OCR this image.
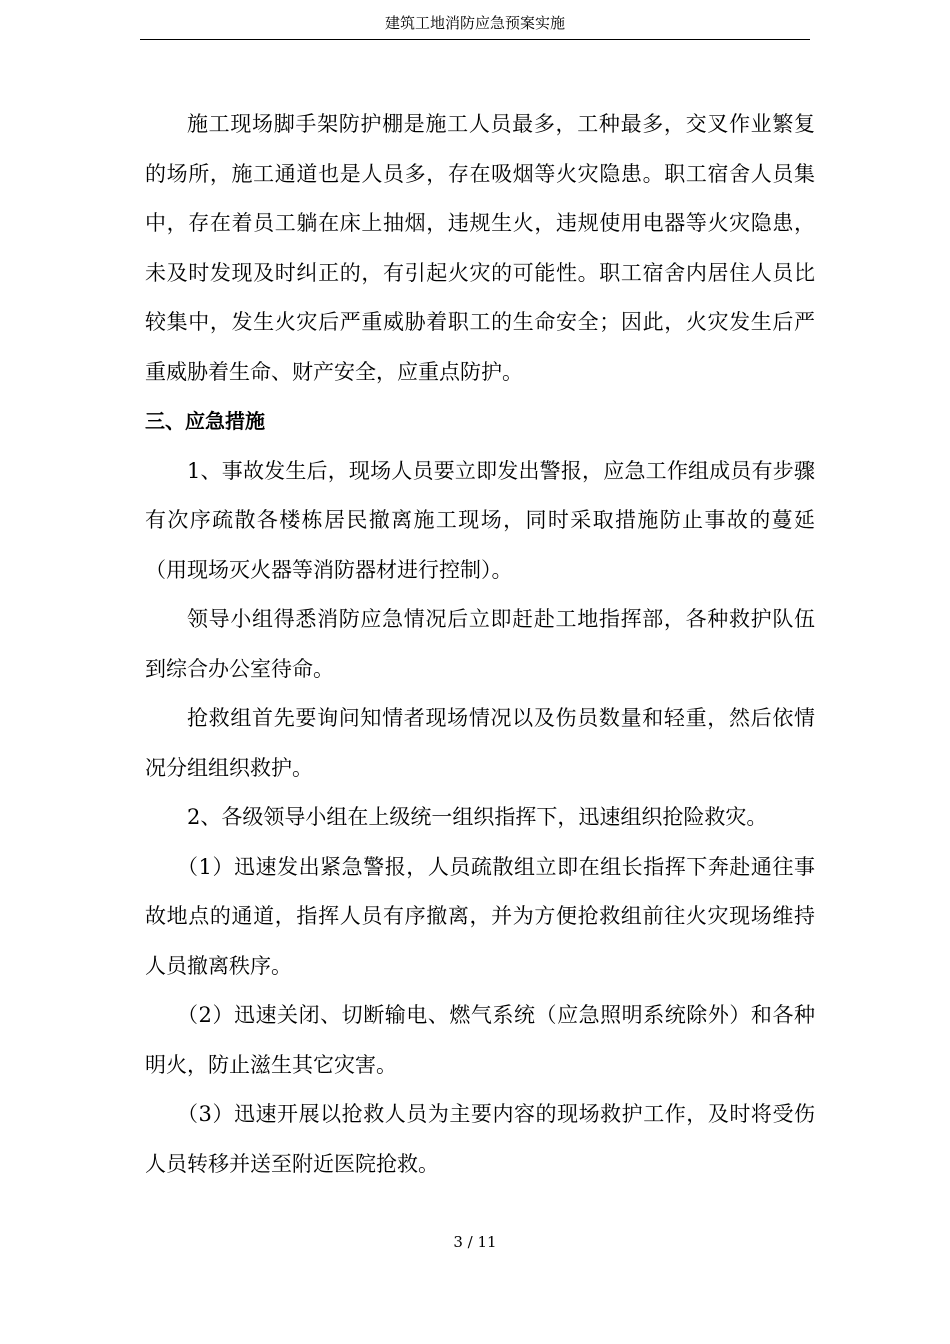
建筑工地消防应急预案实施

施工现场脚手架防护棚是施工人员最多，工种最多，交叉作业繁复的场所，施工通道也是人员多，存在吸烟等火灾隐患。职工宿舍人员集中，存在着员工躺在床上抽烟，违规生火，违规使用电器等火灾隐患，未及时发现及时纠正的，有引起火灾的可能性。职工宿舍内居住人员比较集中，发生火灾后严重威胁着职工的生命安全；因此，火灾发生后严重威胁着生命、财产安全，应重点防护。

三、应急措施

1、事故发生后，现场人员要立即发出警报，应急工作组成员有步骤有次序疏散各楼栋居民撤离施工现场，同时采取措施防止事故的蔓延（用现场灭火器等消防器材进行控制）。

领导小组得悉消防应急情况后立即赶赴工地指挥部，各种救护队伍到综合办公室待命。

抢救组首先要询问知情者现场情况以及伤员数量和轻重，然后依情况分组组织救护。

2、各级领导小组在上级统一组织指挥下，迅速组织抢险救灾。

（1）迅速发出紧急警报，人员疏散组立即在组长指挥下奔赴通往事故地点的通道，指挥人员有序撤离，并为方便抢救组前往火灾现场维持人员撤离秩序。

（2）迅速关闭、切断输电、燃气系统（应急照明系统除外）和各种明火，防止滋生其它灾害。

（3）迅速开展以抢救人员为主要内容的现场救护工作，及时将受伤人员转移并送至附近医院抢救。

3 / 11
